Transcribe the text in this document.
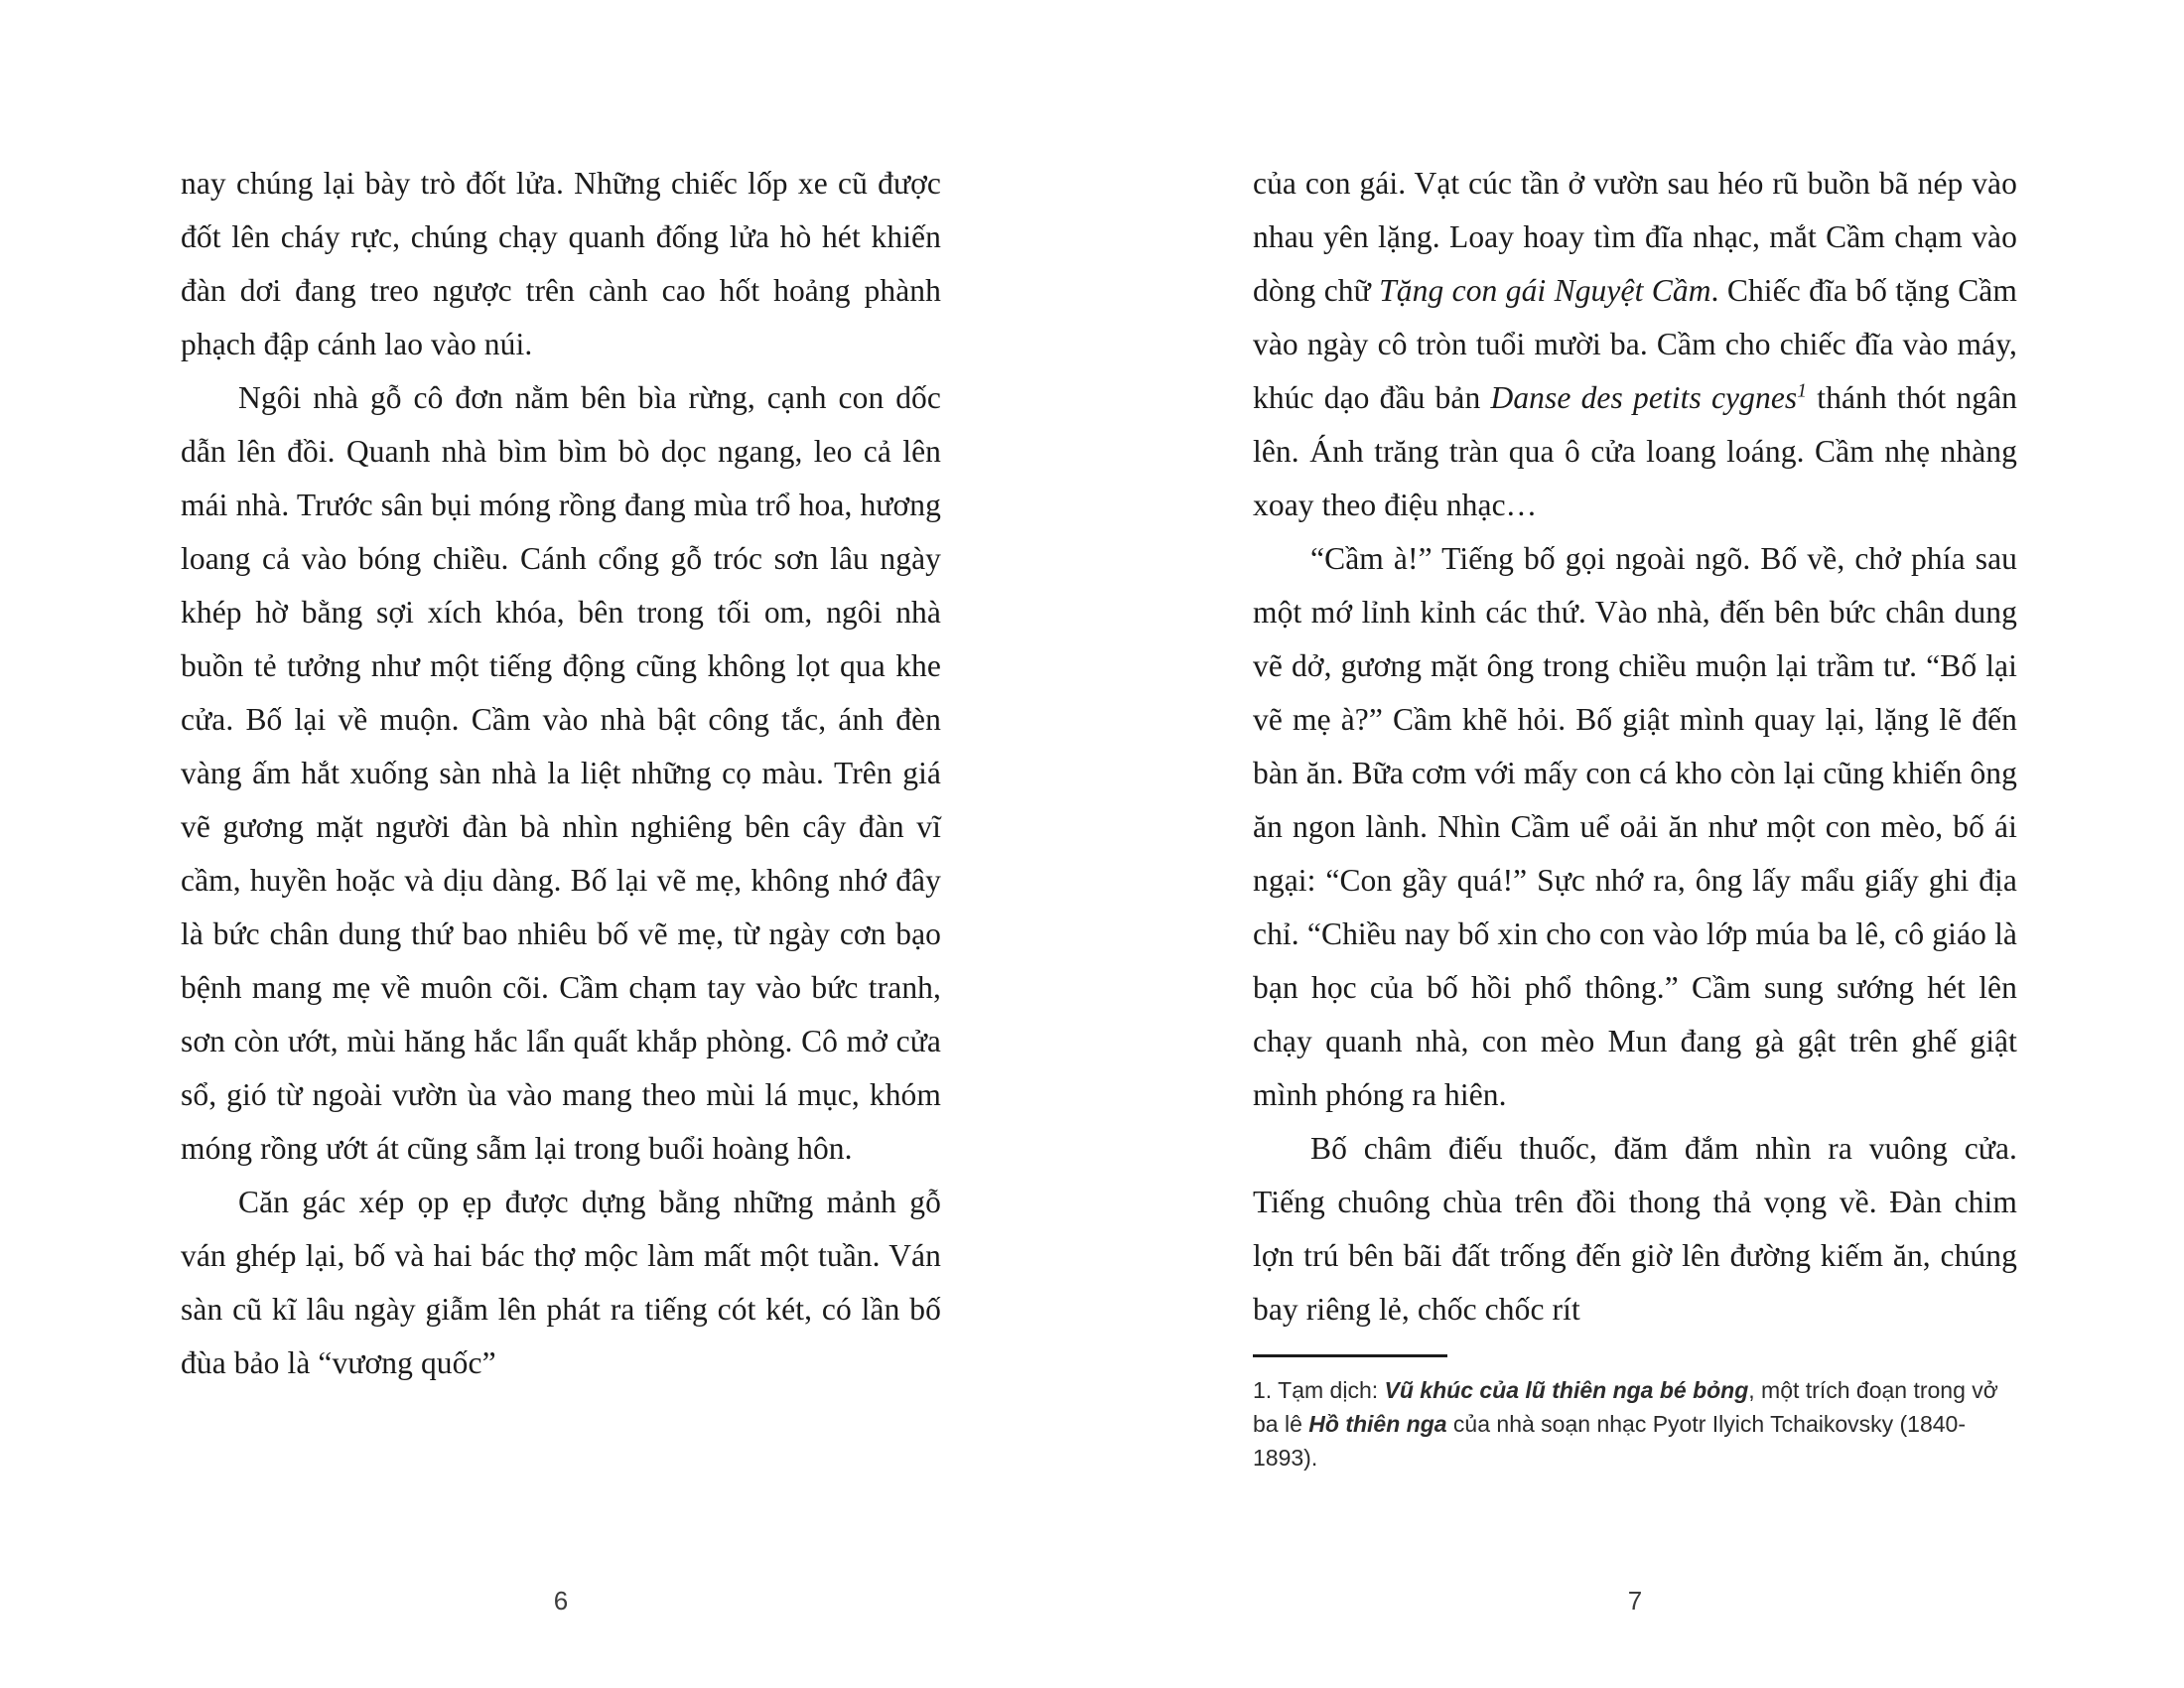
nay chúng lại bày trò đốt lửa. Những chiếc lốp xe cũ được đốt lên cháy rực, chúng chạy quanh đống lửa hò hét khiến đàn dơi đang treo ngược trên cành cao hốt hoảng phành phạch đập cánh lao vào núi.

Ngôi nhà gỗ cô đơn nằm bên bìa rừng, cạnh con dốc dẫn lên đồi. Quanh nhà bìm bìm bò dọc ngang, leo cả lên mái nhà. Trước sân bụi móng rồng đang mùa trổ hoa, hương loang cả vào bóng chiều. Cánh cổng gỗ tróc sơn lâu ngày khép hờ bằng sợi xích khóa, bên trong tối om, ngôi nhà buồn tẻ tưởng như một tiếng động cũng không lọt qua khe cửa. Bố lại về muộn. Cầm vào nhà bật công tắc, ánh đèn vàng ấm hắt xuống sàn nhà la liệt những cọ màu. Trên giá vẽ gương mặt người đàn bà nhìn nghiêng bên cây đàn vĩ cầm, huyền hoặc và dịu dàng. Bố lại vẽ mẹ, không nhớ đây là bức chân dung thứ bao nhiêu bố vẽ mẹ, từ ngày cơn bạo bệnh mang mẹ về muôn cõi. Cầm chạm tay vào bức tranh, sơn còn ướt, mùi hăng hắc lẩn quất khắp phòng. Cô mở cửa sổ, gió từ ngoài vườn ùa vào mang theo mùi lá mục, khóm móng rồng ướt át cũng sẫm lại trong buổi hoàng hôn.

Căn gác xép ọp ẹp được dựng bằng những mảnh gỗ ván ghép lại, bố và hai bác thợ mộc làm mất một tuần. Ván sàn cũ kĩ lâu ngày giẫm lên phát ra tiếng cót két, có lần bố đùa bảo là “vương quốc”

6

của con gái. Vạt cúc tần ở vườn sau héo rũ buồn bã nép vào nhau yên lặng. Loay hoay tìm đĩa nhạc, mắt Cầm chạm vào dòng chữ Tặng con gái Nguyệt Cầm. Chiếc đĩa bố tặng Cầm vào ngày cô tròn tuổi mười ba. Cầm cho chiếc đĩa vào máy, khúc dạo đầu bản Danse des petits cygnes$^1$ thánh thót ngân lên. Ánh trăng tràn qua ô cửa loang loáng. Cầm nhẹ nhàng xoay theo điệu nhạc…

“Cầm à!” Tiếng bố gọi ngoài ngõ. Bố về, chở phía sau một mớ lỉnh kỉnh các thứ. Vào nhà, đến bên bức chân dung vẽ dở, gương mặt ông trong chiều muộn lại trầm tư. “Bố lại vẽ mẹ à?” Cầm khẽ hỏi. Bố giật mình quay lại, lặng lẽ đến bàn ăn. Bữa cơm với mấy con cá kho còn lại cũng khiến ông ăn ngon lành. Nhìn Cầm uể oải ăn như một con mèo, bố ái ngại: “Con gầy quá!” Sực nhớ ra, ông lấy mẩu giấy ghi địa chỉ. “Chiều nay bố xin cho con vào lớp múa ba lê, cô giáo là bạn học của bố hồi phổ thông.” Cầm sung sướng hét lên chạy quanh nhà, con mèo Mun đang gà gật trên ghế giật mình phóng ra hiên.

Bố châm điếu thuốc, đăm đắm nhìn ra vuông cửa. Tiếng chuông chùa trên đồi thong thả vọng về. Đàn chim lợn trú bên bãi đất trống đến giờ lên đường kiếm ăn, chúng bay riêng lẻ, chốc chốc rít

1. Tạm dịch: Vũ khúc của lũ thiên nga bé bỏng, một trích đoạn trong vở ba lê Hồ thiên nga của nhà soạn nhạc Pyotr Ilyich Tchaikovsky (1840-1893).

7
